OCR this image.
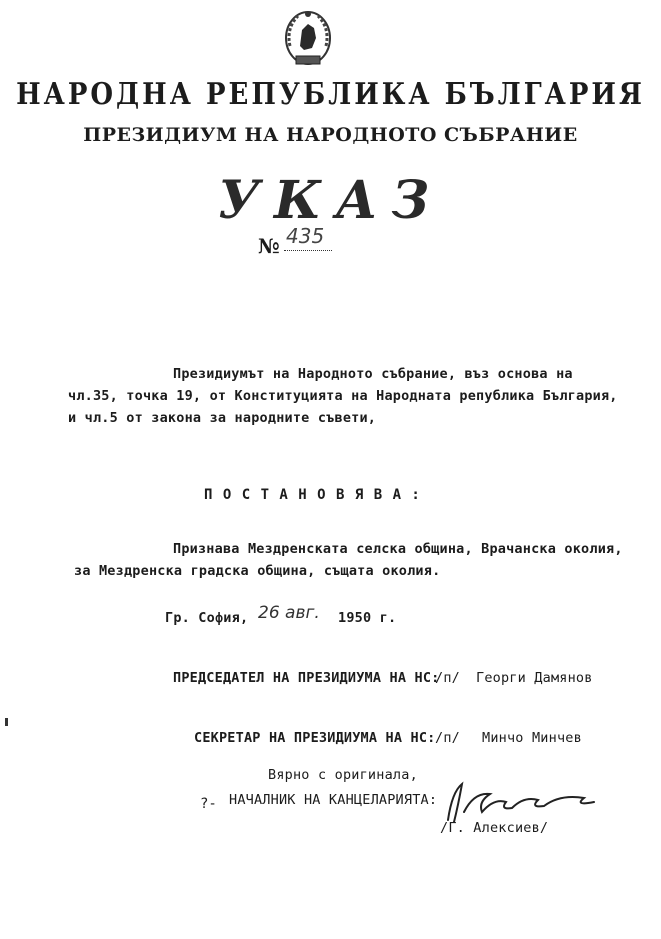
НАРОДНА РЕПУБЛИКА БЪЛГАРИЯ
ПРЕЗИДИУМ НА НАРОДНОТО СЪБРАНИЕ
УКАЗ
№ 435
Президиумът на Народното събрание, въз основа на
чл.35, точка 19, от Конституцията на Народната република България,
и чл.5 от закона за народните съвети,
П О С Т А Н О В Я В А :
Признава Мездренската селска община, Врачанска околия,
за Мездренска градска община, същата околия.
Гр. София, 26 авг. 1950 г.
ПРЕДСЕДАТЕЛ НА ПРЕЗИДИУМА НА НС:
/п/ Георги Дамянов
СЕКРЕТАР НА ПРЕЗИДИУМА НА НС: /п/ Минчо Минчев
Вярно с оригинала,
НАЧАЛНИК НА КАНЦЕЛАРИЯТА:
/Г. Алексиев/
?-
